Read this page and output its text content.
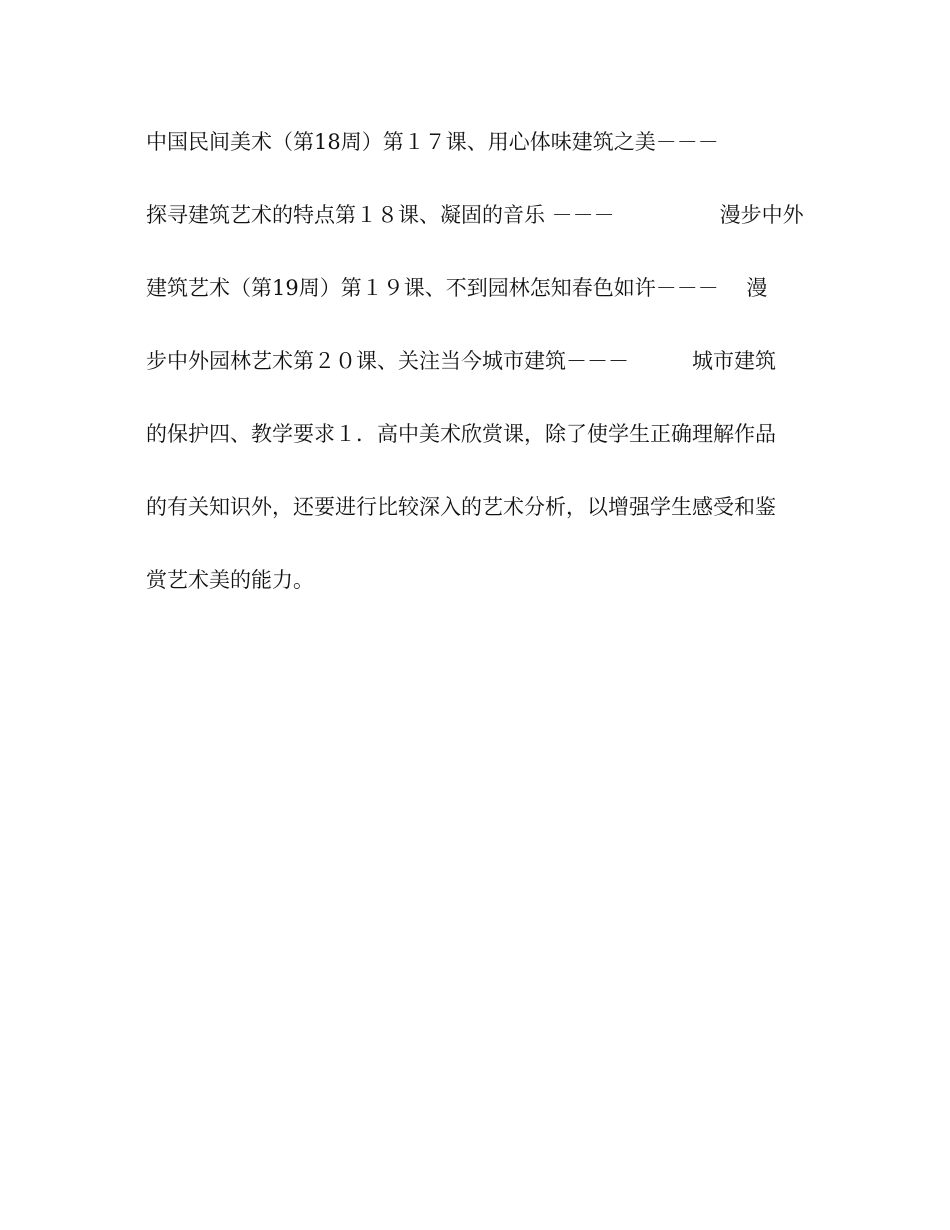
中国民间美术（第18周）第１７课、用心体味建筑之美－－－
探寻建筑艺术的特点第１８课、凝固的音乐 －－－　　　　　漫步中外
建筑艺术（第19周）第１９课、不到园林怎知春色如许－－－　 漫
步中外园林艺术第２０课、关注当今城市建筑－－－　　　城市建筑
的保护四、教学要求１．高中美术欣赏课，除了使学生正确理解作品
的有关知识外，还要进行比较深入的艺术分析，以增强学生感受和鉴
赏艺术美的能力。
